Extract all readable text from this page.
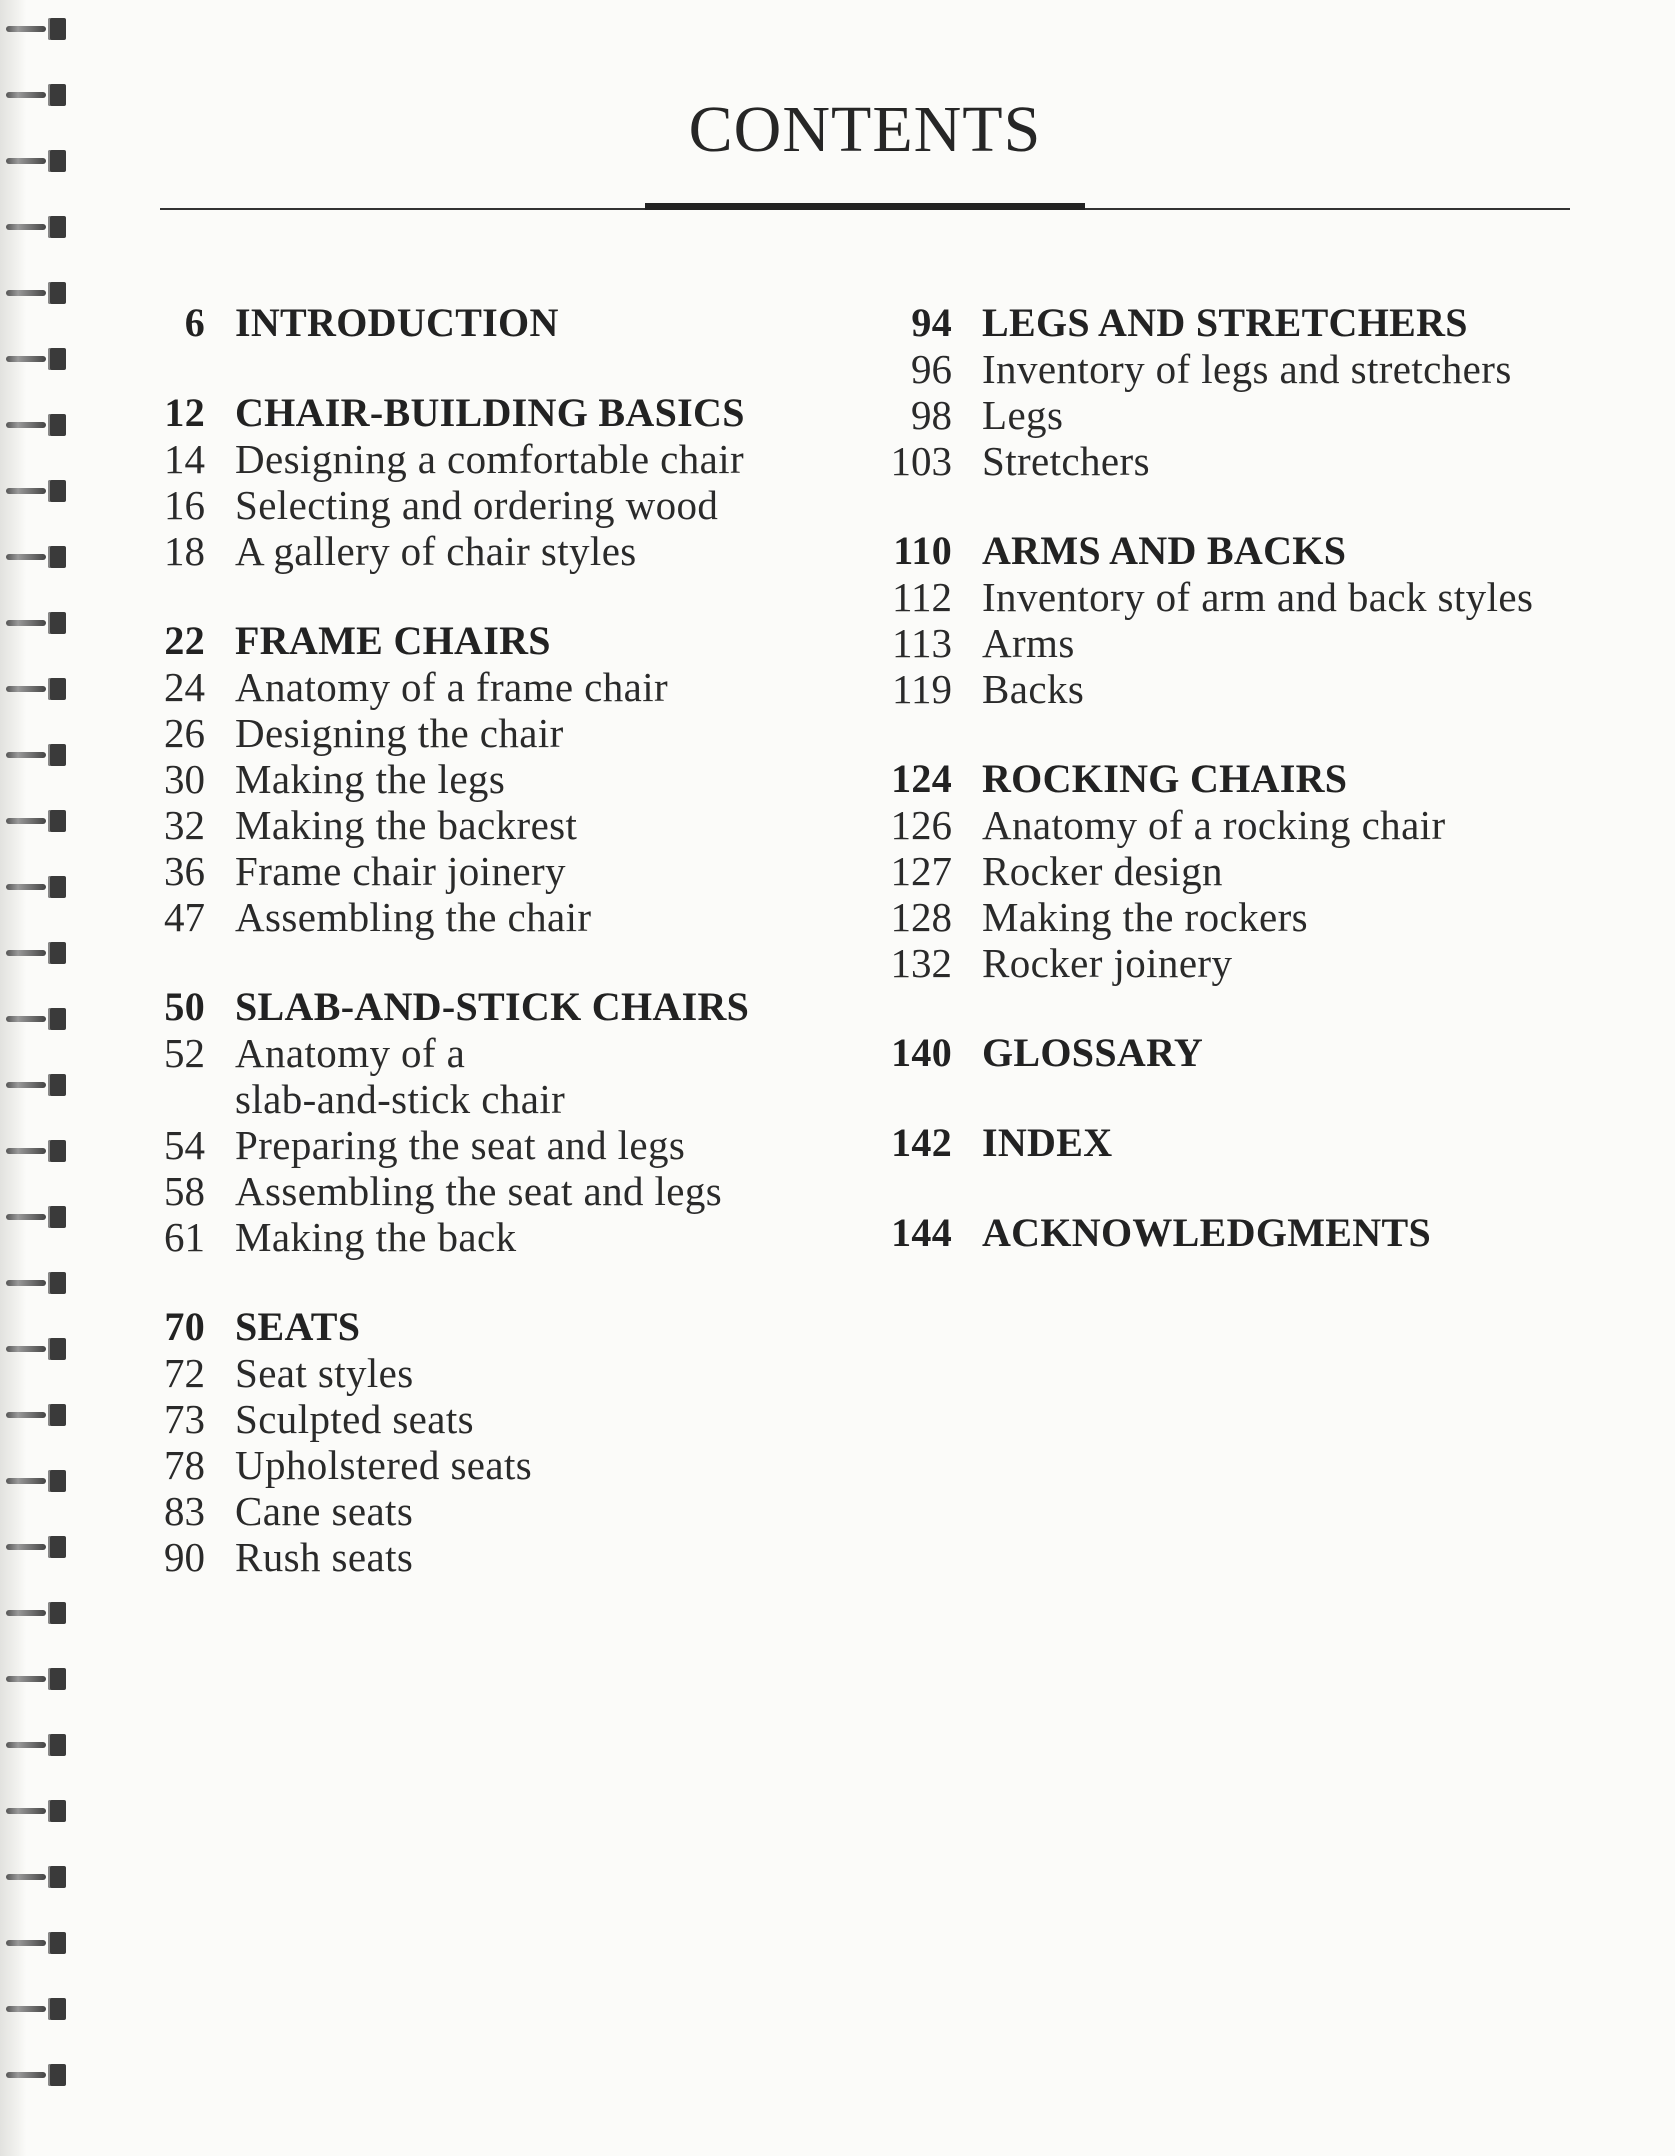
CONTENTS
6 INTRODUCTION
12 CHAIR-BUILDING BASICS
14 Designing a comfortable chair
16 Selecting and ordering wood
18 A gallery of chair styles
22 FRAME CHAIRS
24 Anatomy of a frame chair
26 Designing the chair
30 Making the legs
32 Making the backrest
36 Frame chair joinery
47 Assembling the chair
50 SLAB-AND-STICK CHAIRS
52 Anatomy of a
slab-and-stick chair
54 Preparing the seat and legs
58 Assembling the seat and legs
61 Making the back
70 SEATS
72 Seat styles
73 Sculpted seats
78 Upholstered seats
83 Cane seats
90 Rush seats
94 LEGS AND STRETCHERS
96 Inventory of legs and stretchers
98 Legs
103 Stretchers
110 ARMS AND BACKS
112 Inventory of arm and back styles
113 Arms
119 Backs
124 ROCKING CHAIRS
126 Anatomy of a rocking chair
127 Rocker design
128 Making the rockers
132 Rocker joinery
140 GLOSSARY
142 INDEX
144 ACKNOWLEDGMENTS
